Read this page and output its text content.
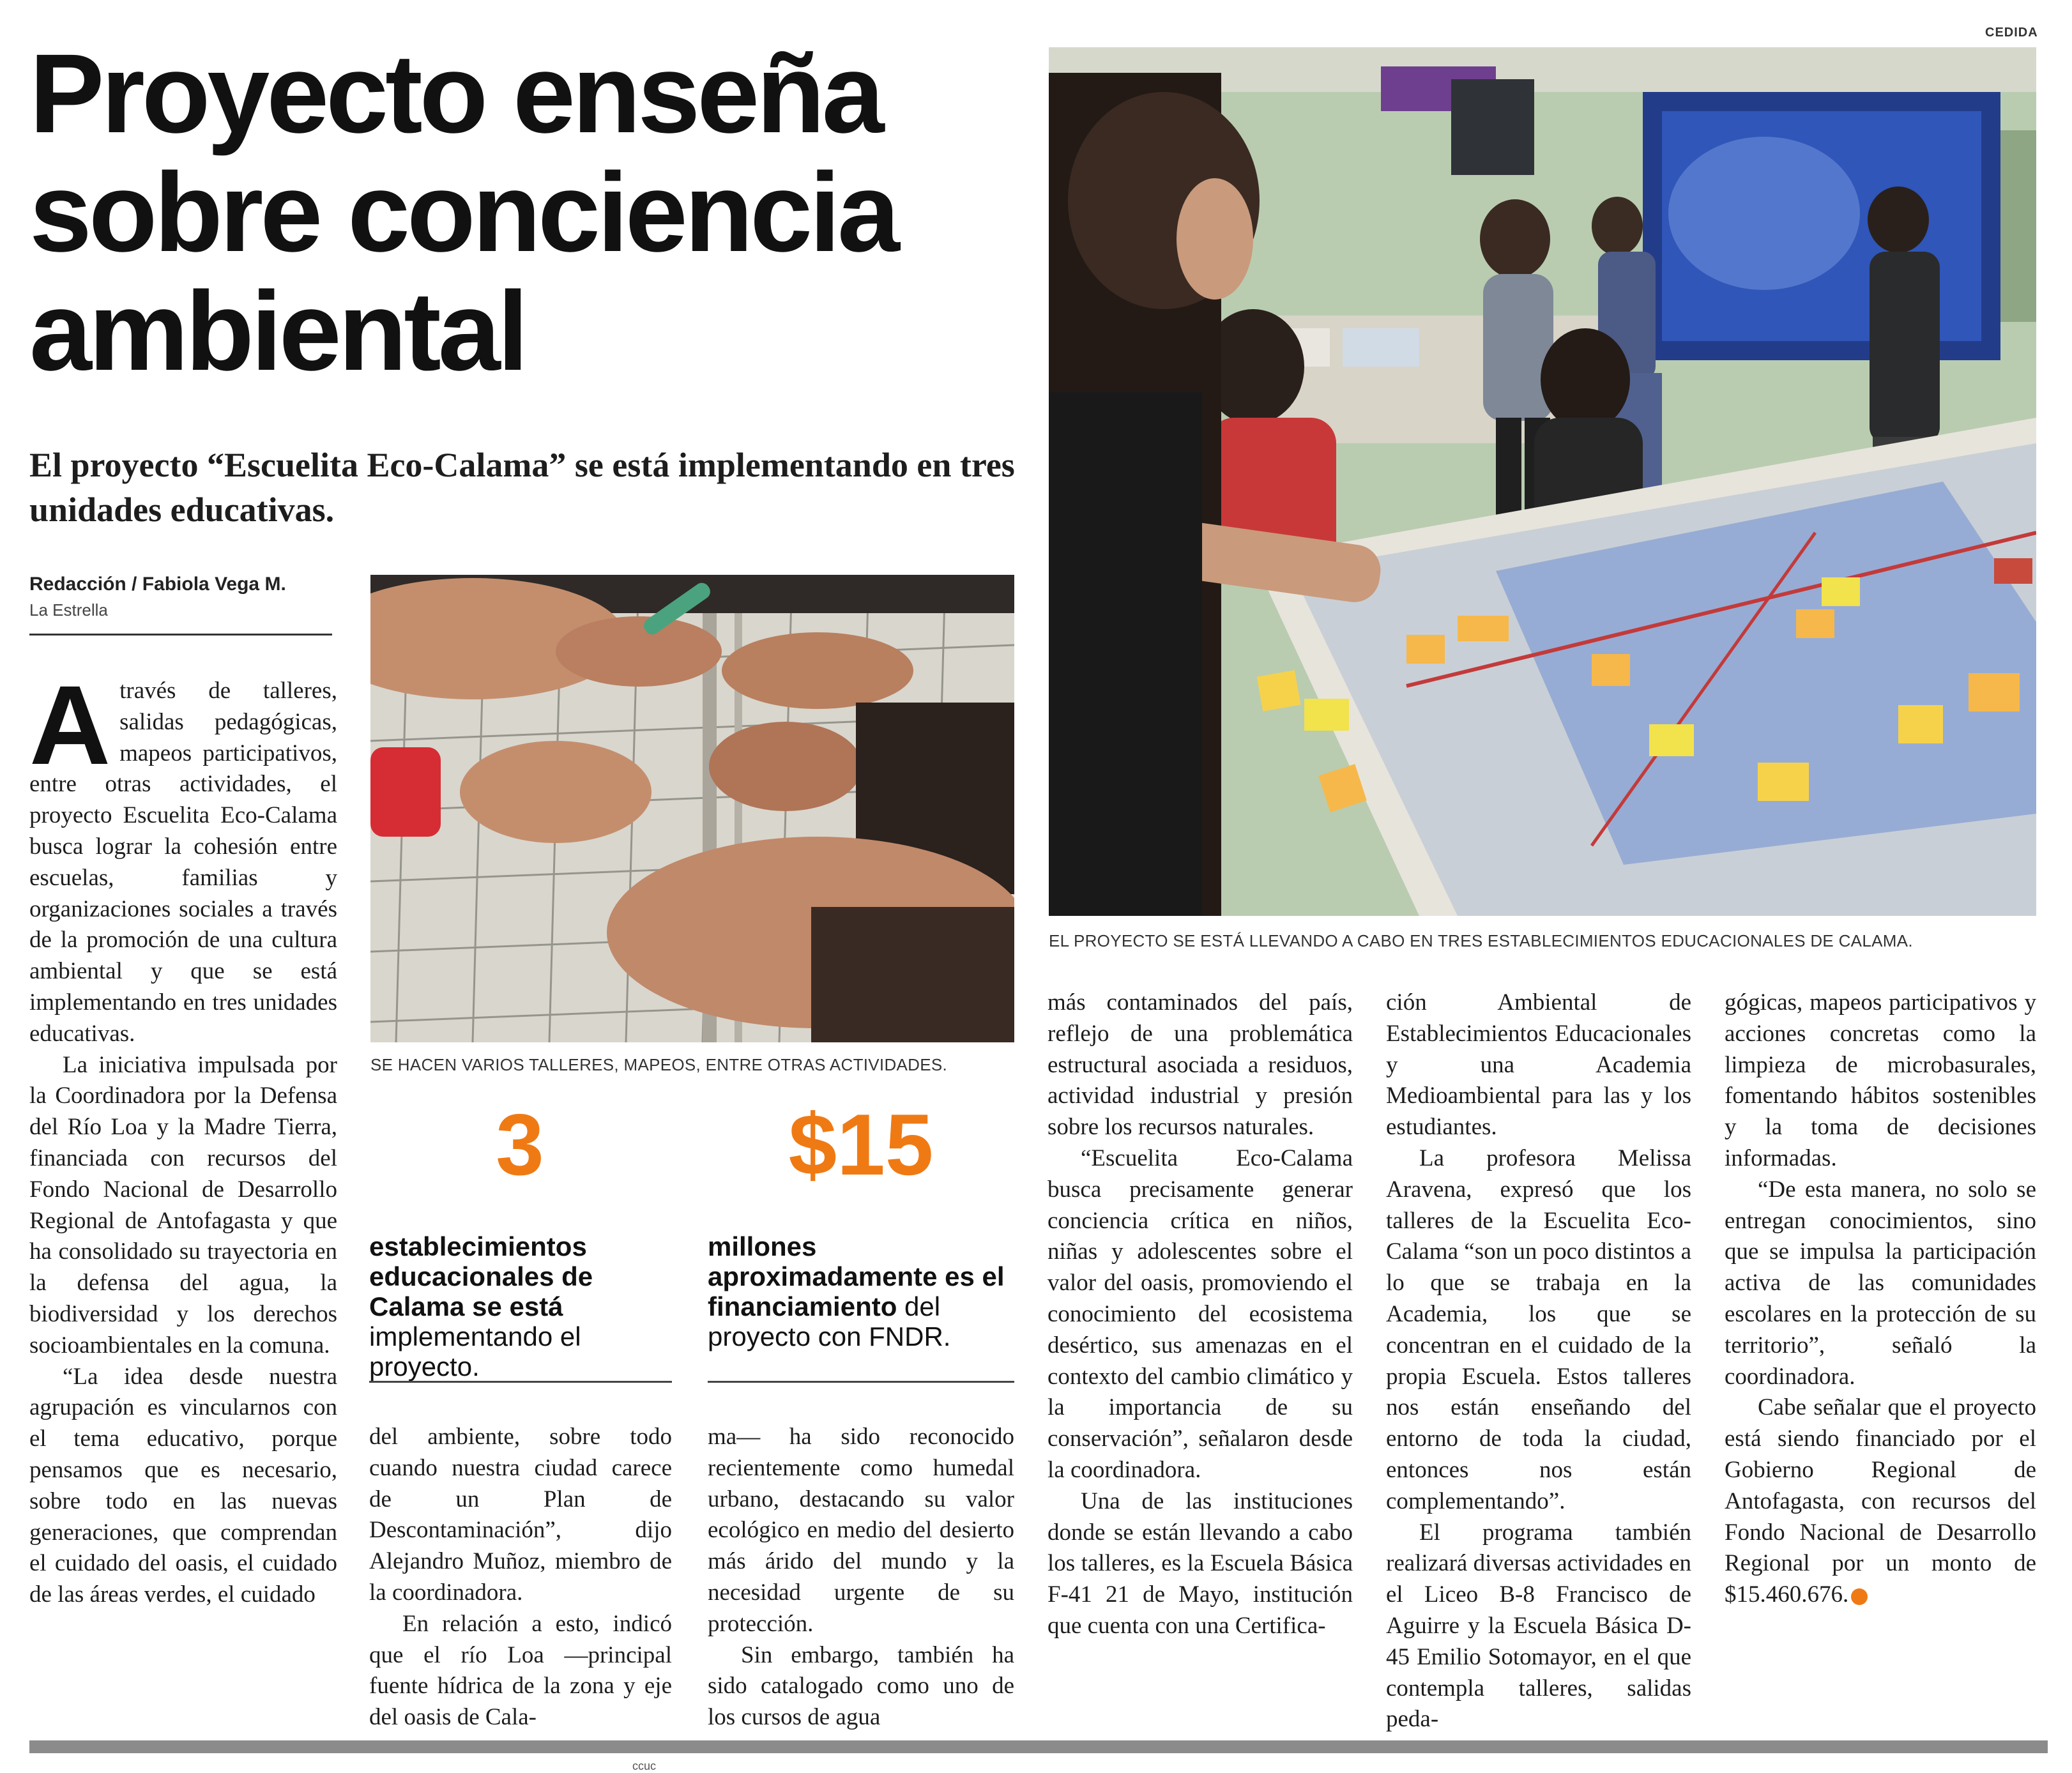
CEDIDA
Proyecto enseña sobre conciencia ambiental

El proyecto “Escuelita Eco-Calama” se está implementando en tres unidades educativas.

Redacción / Fabiola Vega M.
La Estrella
EL PROYECTO SE ESTÁ LLEVANDO A CABO EN TRES ESTABLECIMIENTOS EDUCACIONALES DE CALAMA.
SE HACEN VARIOS TALLERES, MAPEOS, ENTRE OTRAS ACTIVIDADES.
3
establecimientos educacionales de Calama se está implementando el proyecto.
$15
millones aproximadamente es el financiamiento del proyecto con FNDR.

Através de talleres, salidas pedagógicas, mapeos participativos, entre otras actividades, el proyecto Escuelita Eco-Calama busca lograr la cohesión entre escuelas, familias y organizaciones sociales a través de la promoción de una cultura ambiental y que se está implementando en tres unidades educativas.

La iniciativa impulsada por la Coordinadora por la Defensa del Río Loa y la Madre Tierra, financiada con recursos del Fondo Nacional de Desarrollo Regional de Antofagasta y que ha consolidado su trayectoria en la defensa del agua, la biodiversidad y los derechos socioambientales en la comuna.

“La idea desde nuestra agrupación es vincularnos con el tema educativo, porque pensamos que es necesario, sobre todo en las nuevas generaciones, que comprendan el cuidado del oasis, el cuidado de las áreas verdes, el cuidado

del ambiente, sobre todo cuando nuestra ciudad carece de un Plan de Descontaminación”, dijo Alejandro Muñoz, miembro de la coordinadora.

En relación a esto, indicó que el río Loa —principal fuente hídrica de la zona y eje del oasis de Cala-

ma— ha sido reconocido recientemente como humedal urbano, destacando su valor ecológico en medio del desierto más árido del mundo y la necesidad urgente de su protección.

Sin embargo, también ha sido catalogado como uno de los cursos de agua

más contaminados del país, reflejo de una problemática estructural asociada a residuos, actividad industrial y presión sobre los recursos naturales.

“Escuelita Eco-Calama busca precisamente generar conciencia crítica en niños, niñas y adolescentes sobre el valor del oasis, promoviendo el conocimiento del ecosistema desértico, sus amenazas en el contexto del cambio climático y la importancia de su conservación”, señalaron desde la coordinadora.

Una de las instituciones donde se están llevando a cabo los talleres, es la Escuela Básica F-41 21 de Mayo, institución que cuenta con una Certifica-

ción Ambiental de Establecimientos Educacionales y una Academia Medioambiental para las y los estudiantes.

La profesora Melissa Aravena, expresó que los talleres de la Escuelita Eco-Calama “son un poco distintos a lo que se trabaja en la Academia, los que se concentran en el cuidado de la propia Escuela. Estos talleres nos están enseñando del entorno de toda la ciudad, entonces nos están complementando”.

El programa también realizará diversas actividades en el Liceo B-8 Francisco de Aguirre y la Escuela Básica D-45 Emilio Sotomayor, en el que contempla talleres, salidas peda-

gógicas, mapeos participativos y acciones concretas como la limpieza de microbasurales, fomentando hábitos sostenibles y la toma de decisiones informadas.

“De esta manera, no solo se entregan conocimientos, sino que se impulsa la participación activa de las comunidades escolares en la protección de su territorio”, señaló la coordinadora.

Cabe señalar que el proyecto está siendo financiado por el Gobierno Regional de Antofagasta, con recursos del Fondo Nacional de Desarrollo Regional por un monto de $15.460.676.	✪

ccuc
